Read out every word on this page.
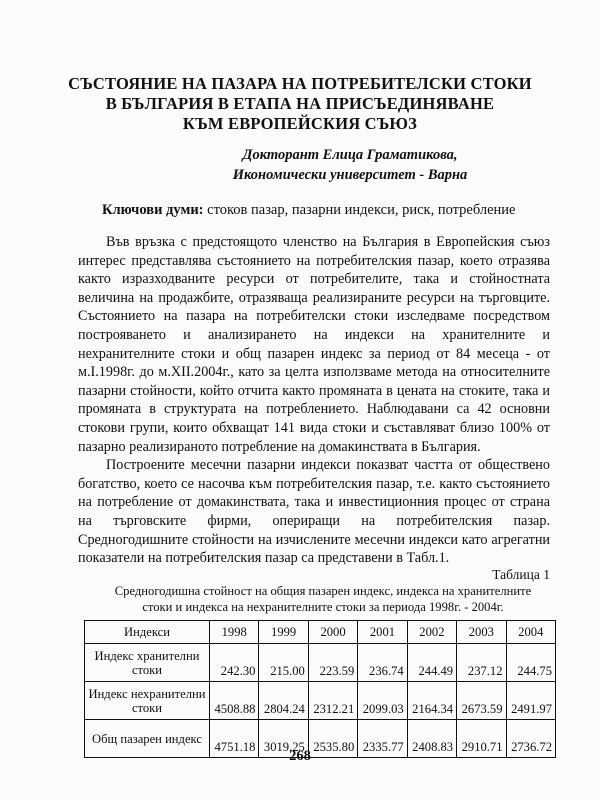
СЪСТОЯНИЕ НА ПАЗАРА НА ПОТРЕБИТЕЛСКИ СТОКИ
В БЪЛГАРИЯ В ЕТАПА НА ПРИСЪЕДИНЯВАНЕ
КЪМ ЕВРОПЕЙСКИЯ СЪЮЗ
Докторант Елица Граматикова,
Икономически университет - Варна
Ключови думи: стоков пазар, пазарни индекси, риск, потребление

Във връзка с предстоящото членство на България в Европейския съюз интерес представлява състоянието на потребителския пазар, което отразява както изразходваните ресурси от потребителите, така и стойностната величина на продажбите, отразяваща реализираните ресурси на търговците. Състоянието на пазара на потребителски стоки изследваме посредством построяването и анализирането на индекси на хранителните и нехранителните стоки и общ пазарен индекс за период от 84 месеца - от м.I.1998г. до м.XII.2004г., като за целта използваме метода на относителните пазарни стойности, който отчита както промяната в цената на стоките, така и промяната в структурата на потреблението. Наблюдавани са 42 основни стокови групи, които обхващат 141 вида стоки и съставляват близо 100% от пазарно реализираното потребление на домакинствата в България.

Построените месечни пазарни индекси показват частта от обществено богатство, което се насочва към потребителския пазар, т.е. както състоянието на потребление от домакинствата, така и инвестиционния процес от страна на търговските фирми, опериращи на потребителския пазар. Средногодишните стойности на изчислените месечни индекси като агрегатни показатели на потребителския пазар са представени в Табл.1.

Таблица 1
Средногодишна стойност на общия пазарен индекс, индекса на хранителните
стоки и индекса на нехранителните стоки за периода 1998г. - 2004г.
Индекси	1998	1999	2000	2001	2002	2003	2004
Индекс хранителни стоки	242.30	215.00	223.59	236.74	244.49	237.12	244.75
Индекс нехранителни стоки	4508.88	2804.24	2312.21	2099.03	2164.34	2673.59	2491.97
Общ пазарен индекс	4751.18	3019.25	2535.80	2335.77	2408.83	2910.71	2736.72
268
